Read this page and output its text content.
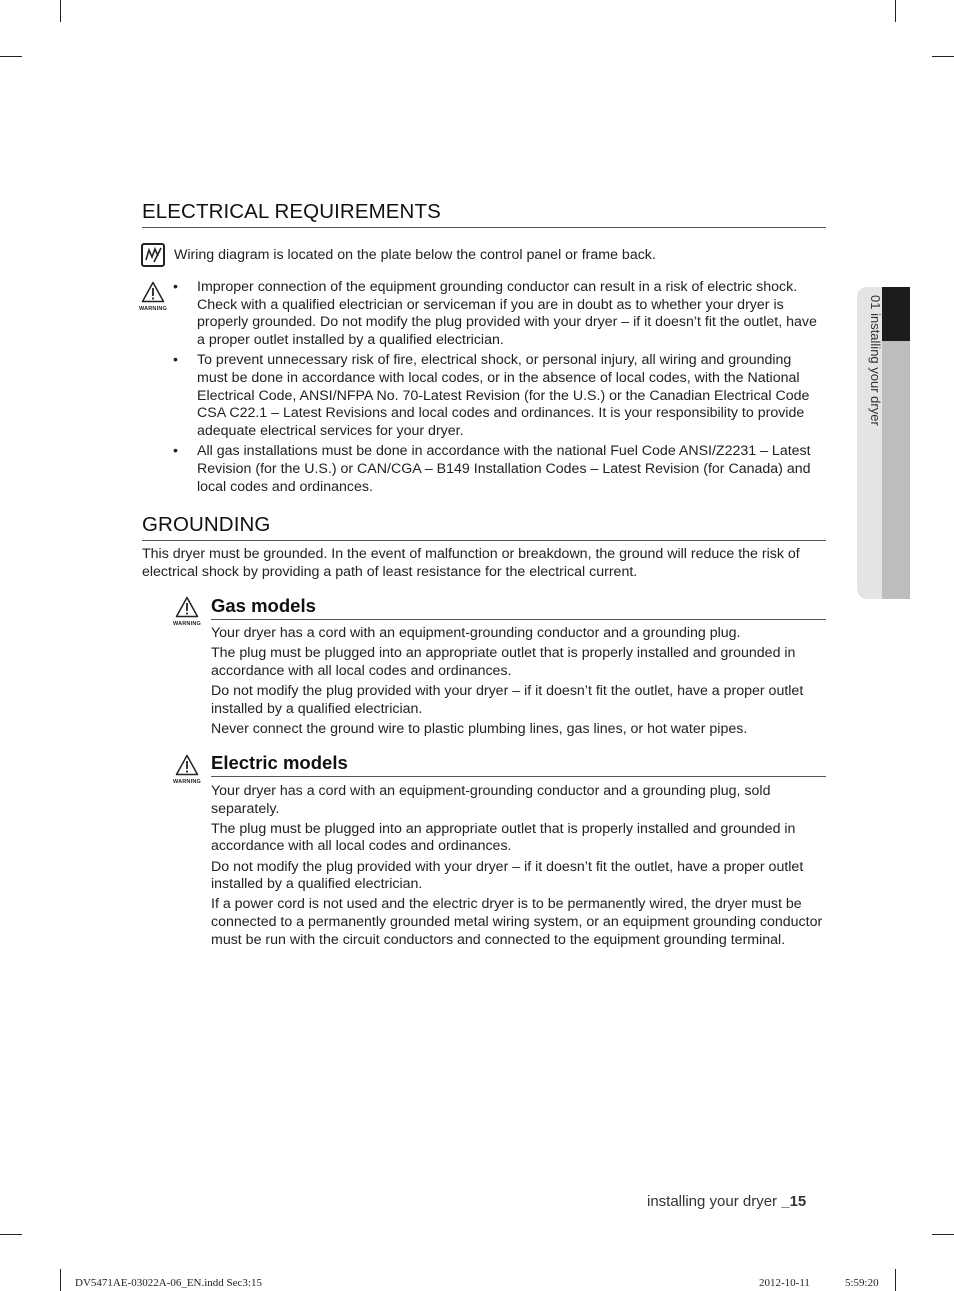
01 installing your dryer
ELECTRICAL REQUIREMENTS
Wiring diagram is located on the plate below the control panel or frame back.
WARNING
• Improper connection of the equipment grounding conductor can result in a risk of electric shock. Check with a qualified electrician or serviceman if you are in doubt as to whether your dryer is properly grounded. Do not modify the plug provided with your dryer – if it doesn’t fit the outlet, have a proper outlet installed by a qualified electrician.
• To prevent unnecessary risk of fire, electrical shock, or personal injury, all wiring and grounding must be done in accordance with local codes, or in the absence of local codes, with the National Electrical Code, ANSI/NFPA No. 70-Latest Revision (for the U.S.) or the Canadian Electrical Code CSA C22.1 – Latest Revisions and local codes and ordinances. It is your responsibility to provide adequate electrical services for your dryer.
• All gas installations must be done in accordance with the national Fuel Code ANSI/Z2231 – Latest Revision (for the U.S.) or CAN/CGA – B149 Installation Codes – Latest Revision (for Canada) and local codes and ordinances.
GROUNDING

This dryer must be grounded. In the event of malfunction or breakdown, the ground will reduce the risk of electrical shock by providing a path of least resistance for the electrical current.

WARNING
Gas models

Your dryer has a cord with an equipment-grounding conductor and a grounding plug.

The plug must be plugged into an appropriate outlet that is properly installed and grounded in accordance with all local codes and ordinances.

Do not modify the plug provided with your dryer – if it doesn’t fit the outlet, have a proper outlet installed by a qualified electrician.

Never connect the ground wire to plastic plumbing lines, gas lines, or hot water pipes.

WARNING
Electric models

Your dryer has a cord with an equipment-grounding conductor and a grounding plug, sold separately.

The plug must be plugged into an appropriate outlet that is properly installed and grounded in accordance with all local codes and ordinances.

Do not modify the plug provided with your dryer – if it doesn’t fit the outlet, have a proper outlet installed by a qualified electrician.

If a power cord is not used and the electric dryer is to be permanently wired, the dryer must be connected to a permanently grounded metal wiring system, or an equipment grounding conductor must be run with the circuit conductors and connected to the equipment grounding terminal.

installing your dryer _15
DV5471AE-03022A-06_EN.indd Sec3:15	2012-10-11	5:59:20
